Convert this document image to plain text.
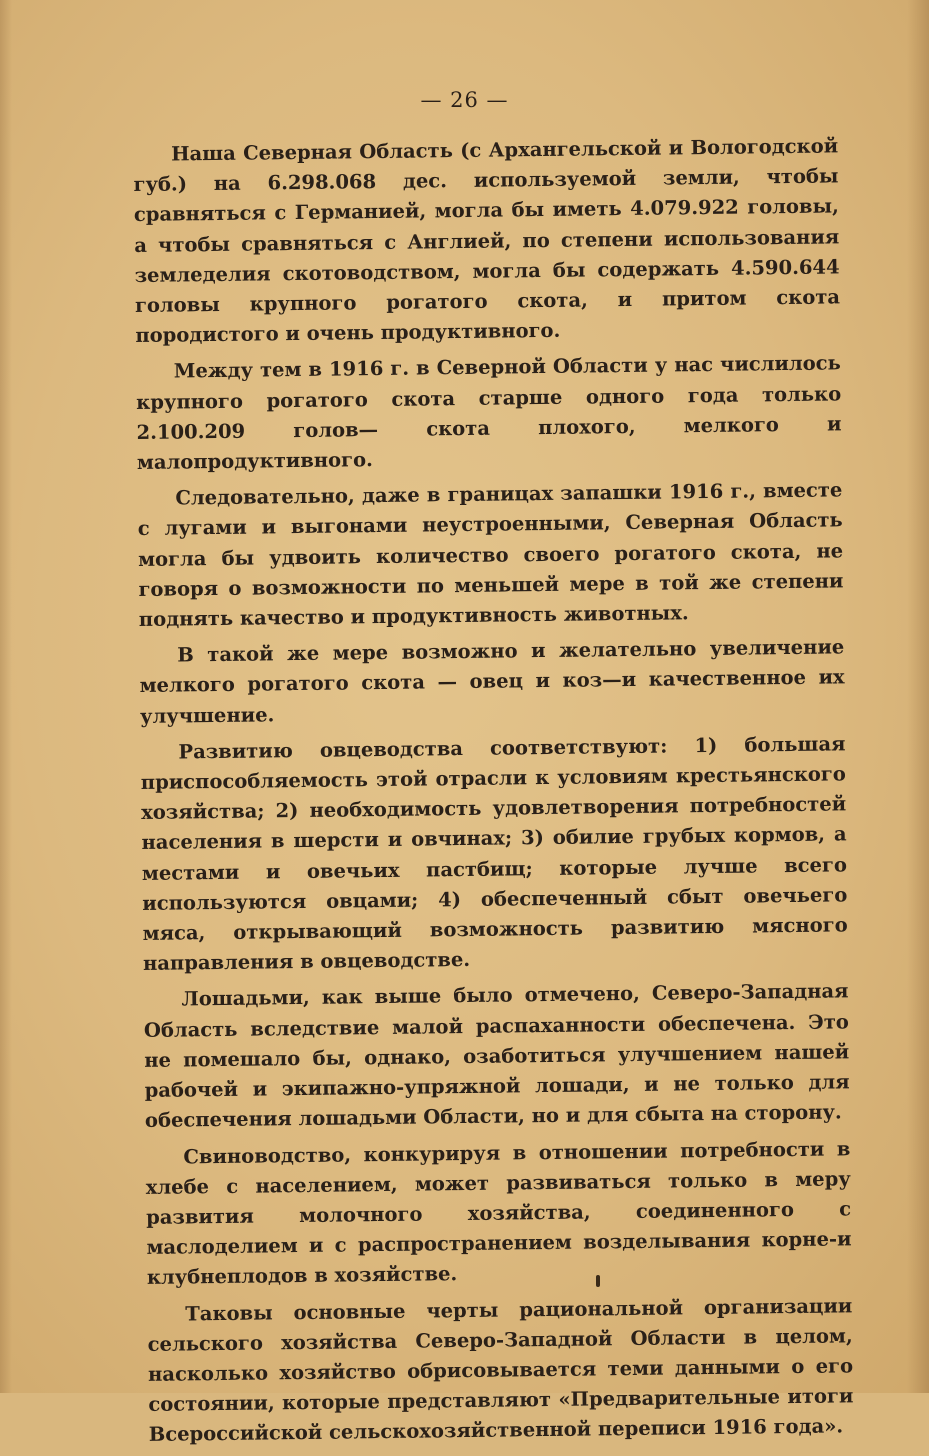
— 26 —

Наша Северная Область (с Архангельской и Вологодской губ.) на 6.298.068 дес. используемой земли, чтобы сравняться с Германией, могла бы иметь 4.079.922 головы, а чтобы сравняться с Англией, по степени использования земледелия скотоводством, могла бы содержать 4.590.644 головы крупного рогатого скота, и притом скота породистого и очень продуктивного.

Между тем в 1916 г. в Северной Области у нас числилось крупного рогатого скота старше одного года только 2.100.209 голов— скота плохого, мелкого и малопродуктивного.

Следовательно, даже в границах запашки 1916 г., вместе с лугами и выгонами неустроенными, Северная Область могла бы удвоить количество своего рогатого скота, не говоря о возможности по меньшей мере в той же степени поднять качество и продуктивность животных.

В такой же мере возможно и желательно увеличение мелкого рогатого скота — овец и коз—и качественное их улучшение.

Развитию овцеводства соответствуют: 1) большая приспособляемость этой отрасли к условиям крестьянского хозяйства; 2) необходимость удовлетворения потребностей населения в шерсти и овчинах; 3) обилие грубых кормов, а местами и овечьих пастбищ; которые лучше всего используются овцами; 4) обеспеченный сбыт овечьего мяса, открывающий возможность развитию мясного направления в овцеводстве.

Лошадьми, как выше было отмечено, Северо-Западная Область вследствие малой распаханности обеспечена. Это не помешало бы, однако, озаботиться улучшением нашей рабочей и экипажно-упряжной лошади, и не только для обеспечения лошадьми Области, но и для сбыта на сторону.

Свиноводство, конкурируя в отношении потребности в хлебе с населением, может развиваться только в меру развития молочного хозяйства, соединенного с маслоделием и с распространением возделывания корне-и клубнеплодов в хозяйстве.

Таковы основные черты рациональной организации сельского хозяйства Северо-Западной Области в целом, насколько хозяйство обрисовывается теми данными о его состоянии, которые представляют «Предварительные итоги Всероссийской сельскохозяйственной переписи 1916 года».
